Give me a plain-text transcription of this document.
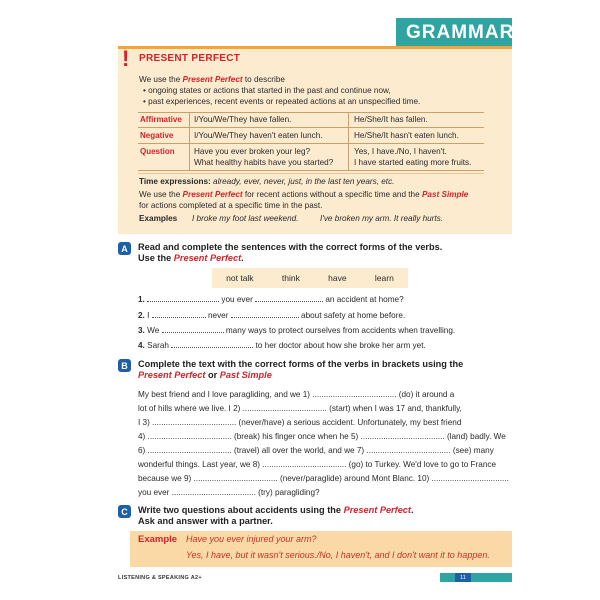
GRAMMAR
! PRESENT PERFECT
We use the Present Perfect to describe
• ongoing states or actions that started in the past and continue now,
• past experiences, recent events or repeated actions at an unspecified time.
Affirmative I/You/We/They have fallen.	He/She/It has fallen.
Negative	I/You/We/They haven't eaten lunch.	He/She/It hasn't eaten lunch.
Question Have you ever broken your leg?	Yes, I have./No, I haven't.
What healthy habits have you started?	I have started eating more fruits.
Time expressions: already, ever, never, just, in the last ten years, etc.
We use the Present Perfect for recent actions without a specific time and the Past Simple
for actions completed at a specific time in the past.
Examples I broke my foot last weekend.	I've broken my arm. It really hurts.
A	Read and complete the sentences with the correct forms of the verbs.
Use the Present Perfect.
not talk	think	have	learn
1.	you ever	an accident at home?
2. I	never	about safety at home before.
3. We	many ways to protect ourselves from accidents when travelling.
4. Sarah	to her doctor about how she broke her arm yet.
B	Complete the text with the correct forms of the verbs in brackets using the
Present Perfect or Past Simple
My best friend and I love paragliding, and we 1) ..................................... (do) it around a
lot of hills where we live. I 2) ..................................... (start) when I was 17 and, thankfully,
I 3) ..................................... (never/have) a serious accident. Unfortunately, my best friend
4) ..................................... (break) his finger once when he 5) ..................................... (land) badly. We
6) ..................................... (travel) all over the world, and we 7) ..................................... (see) many
wonderful things. Last year, we 8) ..................................... (go) to Turkey. We'd love to go to France
because we 9) ..................................... (never/paraglide) around Mont Blanc. 10) ..................................
you ever ..................................... (try) paragliding?
C	Write two questions about accidents using the Present Perfect.
Ask and answer with a partner.
Example Have you ever injured your arm?
Yes, I have, but it wasn't serious./No, I haven't, and I don't want it to happen.
LISTENING & SPEAKING A2+	11
